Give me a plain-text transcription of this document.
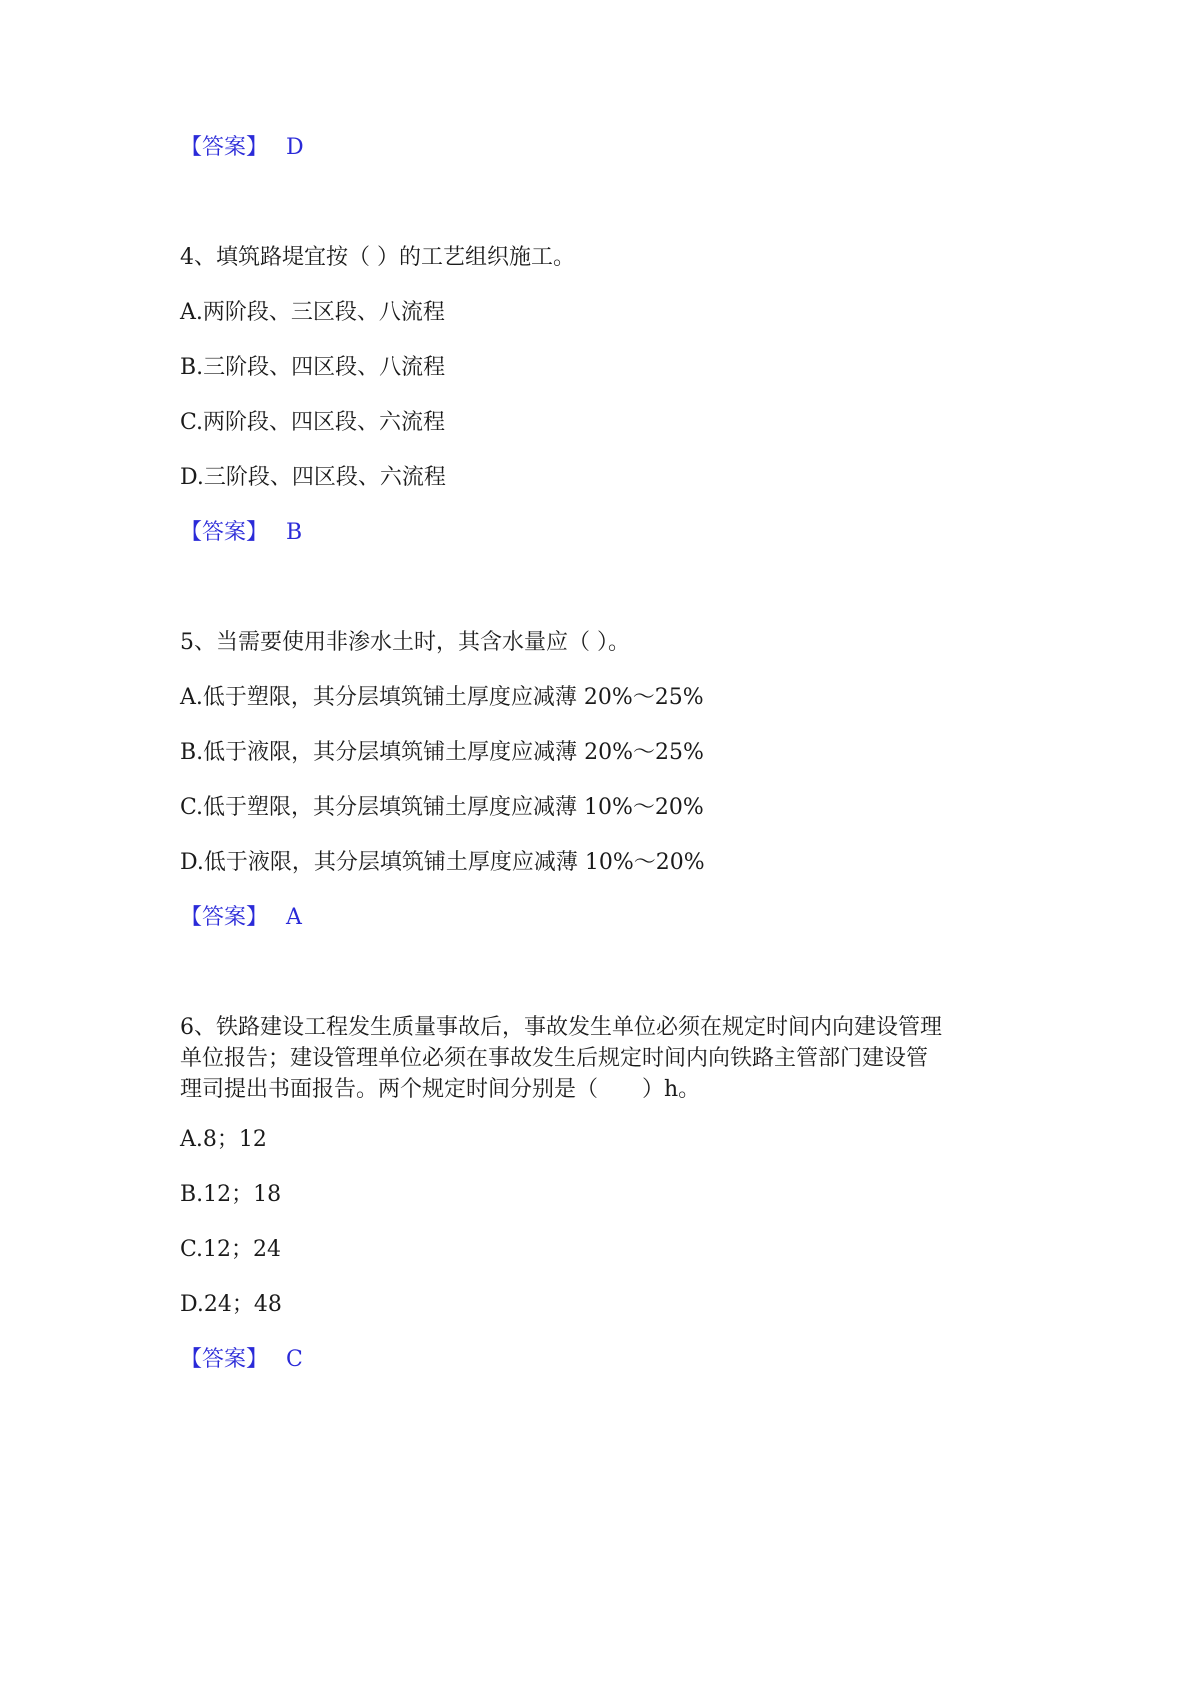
【答案】 D
4、填筑路堤宜按（ ）的工艺组织施工。
A.两阶段、三区段、八流程
B.三阶段、四区段、八流程
C.两阶段、四区段、六流程
D.三阶段、四区段、六流程
【答案】 B
5、当需要使用非渗水土时，其含水量应（ ）。
A.低于塑限，其分层填筑铺土厚度应减薄 20%～25%
B.低于液限，其分层填筑铺土厚度应减薄 20%～25%
C.低于塑限，其分层填筑铺土厚度应减薄 10%～20%
D.低于液限，其分层填筑铺土厚度应减薄 10%～20%
【答案】 A
6、铁路建设工程发生质量事故后，事故发生单位必须在规定时间内向建设管理
单位报告；建设管理单位必须在事故发生后规定时间内向铁路主管部门建设管
理司提出书面报告。两个规定时间分别是（　　）h。
A.8；12
B.12；18
C.12；24
D.24；48
【答案】 C
